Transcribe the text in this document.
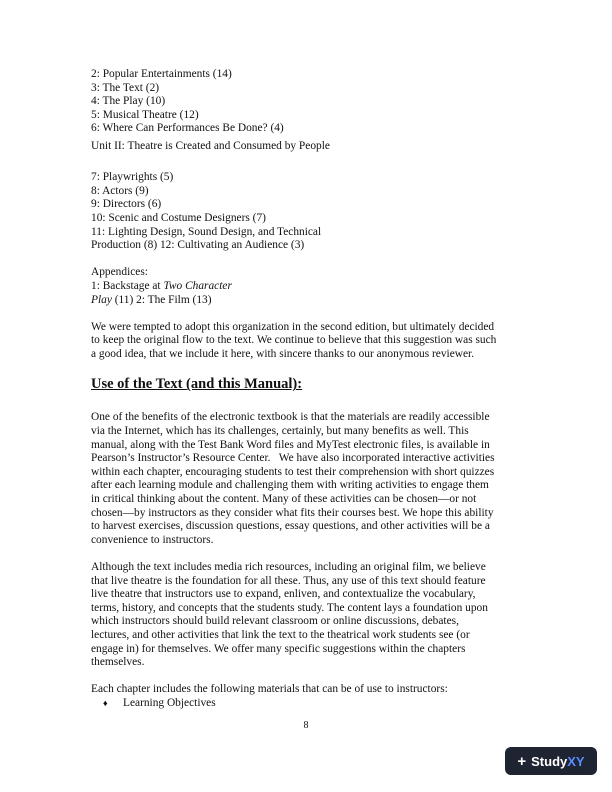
2: Popular Entertainments (14)
3: The Text (2)
4: The Play (10)
5: Musical Theatre (12)
6: Where Can Performances Be Done? (4)
Unit II: Theatre is Created and Consumed by People
7: Playwrights (5)
8: Actors (9)
9: Directors (6)
10: Scenic and Costume Designers (7)
11: Lighting Design, Sound Design, and Technical
Production (8) 12: Cultivating an Audience (3)
Appendices:
1: Backstage at Two Character
Play (11) 2: The Film (13)
We were tempted to adopt this organization in the second edition, but ultimately decided
to keep the original flow to the text. We continue to believe that this suggestion was such
a good idea, that we include it here, with sincere thanks to our anonymous reviewer.
Use of the Text (and this Manual):
One of the benefits of the electronic textbook is that the materials are readily accessible
via the Internet, which has its challenges, certainly, but many benefits as well. This
manual, along with the Test Bank Word files and MyTest electronic files, is available in
Pearson’s Instructor’s Resource Center.   We have also incorporated interactive activities
within each chapter, encouraging students to test their comprehension with short quizzes
after each learning module and challenging them with writing activities to engage them
in critical thinking about the content. Many of these activities can be chosen—or not
chosen—by instructors as they consider what fits their courses best. We hope this ability
to harvest exercises, discussion questions, essay questions, and other activities will be a
convenience to instructors.
Although the text includes media rich resources, including an original film, we believe
that live theatre is the foundation for all these. Thus, any use of this text should feature
live theatre that instructors use to expand, enliven, and contextualize the vocabulary,
terms, history, and concepts that the students study. The content lays a foundation upon
which instructors should build relevant classroom or online discussions, debates,
lectures, and other activities that link the text to the theatrical work students see (or
engage in) for themselves. We offer many specific suggestions within the chapters
themselves.
Each chapter includes the following materials that can be of use to instructors:
♦	Learning Objectives
8
+ StudyXY
